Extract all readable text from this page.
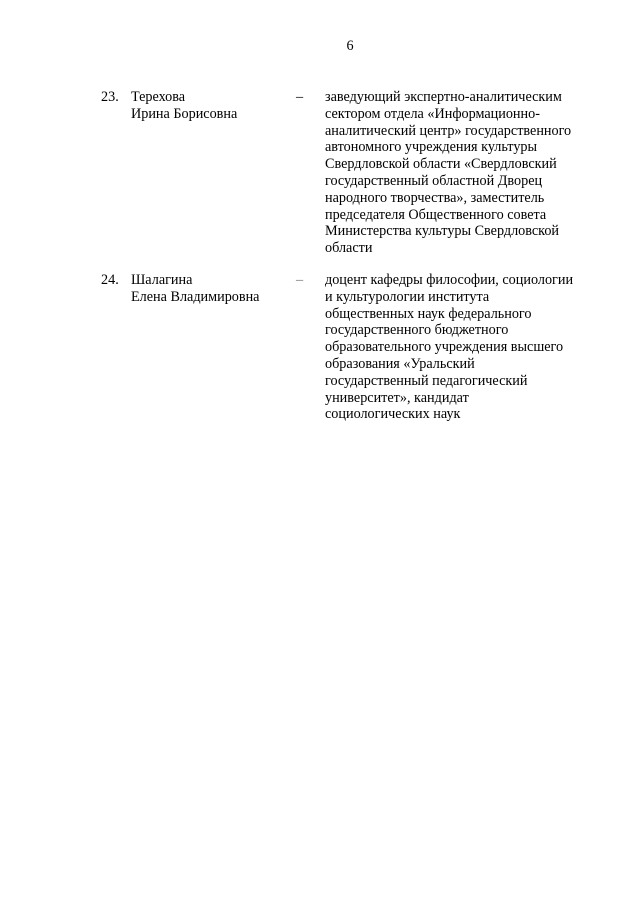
6
23. Терехова
Ирина Борисовна
–	заведующий экспертно-аналитическим
сектором отдела «Информационно-
аналитический центр» государственного
автономного учреждения культуры
Свердловской области «Свердловский
государственный областной Дворец
народного творчества», заместитель
председателя Общественного совета
Министерства культуры Свердловской
области
24. Шалагина
Елена Владимировна
–	доцент кафедры философии, социологии
и культурологии института
общественных наук федерального
государственного бюджетного
образовательного учреждения высшего
образования «Уральский
государственный педагогический
университет», кандидат
социологических наук
